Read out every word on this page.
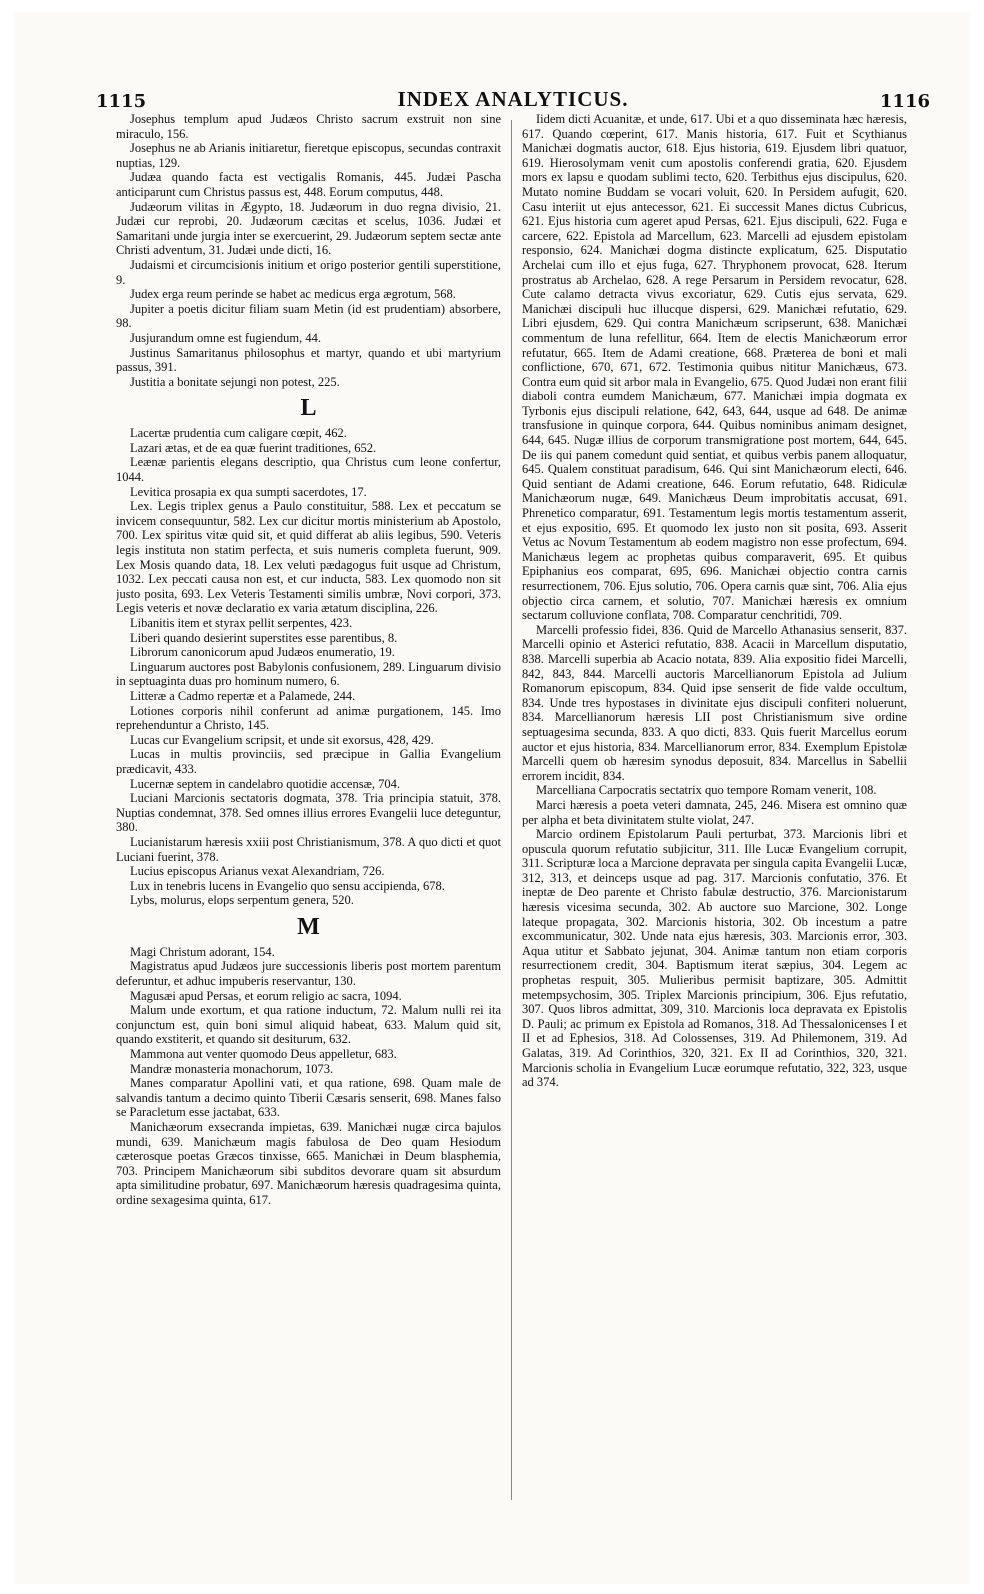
1115	INDEX ANALYTICUS.	1116

Josephus templum apud Judæos Christo sacrum exstruit non sine miraculo, 156.

Josephus ne ab Arianis initiaretur, fieretque episcopus, secundas contraxit nuptias, 129.

Judæa quando facta est vectigalis Romanis, 445. Judæi Pascha anticiparunt cum Christus passus est, 448. Eorum computus, 448.

Judæorum vilitas in Ægypto, 18. Judæorum in duo regna divisio, 21. Judæi cur reprobi, 20. Judæorum cæcitas et scelus, 1036. Judæi et Samaritani unde jurgia inter se exercuerint, 29. Judæorum septem sectæ ante Christi adventum, 31. Judæi unde dicti, 16.

Judaismi et circumcisionis initium et origo posterior gentili superstitione, 9.

Judex erga reum perinde se habet ac medicus erga ægrotum, 568.

Jupiter a poetis dicitur filiam suam Metin (id est prudentiam) absorbere, 98.

Jusjurandum omne est fugiendum, 44.

Justinus Samaritanus philosophus et martyr, quando et ubi martyrium passus, 391.

Justitia a bonitate sejungi non potest, 225.

L

Lacertæ prudentia cum caligare cœpit, 462.

Lazari ætas, et de ea quæ fuerint traditiones, 652.

Leænæ parientis elegans descriptio, qua Christus cum leone confertur, 1044.

Levitica prosapia ex qua sumpti sacerdotes, 17.

Lex. Legis triplex genus a Paulo constituitur, 588. Lex et peccatum se invicem consequuntur, 582. Lex cur dicitur mortis ministerium ab Apostolo, 700. Lex spiritus vitæ quid sit, et quid differat ab aliis legibus, 590. Veteris legis instituta non statim perfecta, et suis numeris completa fuerunt, 909. Lex Mosis quando data, 18. Lex veluti pædagogus fuit usque ad Christum, 1032. Lex peccati causa non est, et cur inducta, 583. Lex quomodo non sit justo posita, 693. Lex Veteris Testamenti similis umbræ, Novi corpori, 373. Legis veteris et novæ declaratio ex varia ætatum disciplina, 226.

Libanitis item et styrax pellit serpentes, 423.

Liberi quando desierint superstites esse parentibus, 8.

Librorum canonicorum apud Judæos enumeratio, 19.

Linguarum auctores post Babylonis confusionem, 289. Linguarum divisio in septuaginta duas pro hominum numero, 6.

Litteræ a Cadmo repertæ et a Palamede, 244.

Lotiones corporis nihil conferunt ad animæ purgationem, 145. Imo reprehenduntur a Christo, 145.

Lucas cur Evangelium scripsit, et unde sit exorsus, 428, 429.

Lucas in multis provinciis, sed præcipue in Gallia Evangelium prædicavit, 433.

Lucernæ septem in candelabro quotidie accensæ, 704.

Luciani Marcionis sectatoris dogmata, 378. Tria principia statuit, 378. Nuptias condemnat, 378. Sed omnes illius errores Evangelii luce deteguntur, 380.

Lucianistarum hæresis xxiii post Christianismum, 378. A quo dicti et quot Luciani fuerint, 378.

Lucius episcopus Arianus vexat Alexandriam, 726.

Lux in tenebris lucens in Evangelio quo sensu accipienda, 678.

Lybs, molurus, elops serpentum genera, 520.

M

Magi Christum adorant, 154.

Magistratus apud Judæos jure successionis liberis post mortem parentum deferuntur, et adhuc impuberis reservantur, 130.

Magusæi apud Persas, et eorum religio ac sacra, 1094.

Malum unde exortum, et qua ratione inductum, 72. Malum nulli rei ita conjunctum est, quin boni simul aliquid habeat, 633. Malum quid sit, quando exstiterit, et quando sit desiturum, 632.

Mammona aut venter quomodo Deus appelletur, 683.

Mandræ monasteria monachorum, 1073.

Manes comparatur Apollini vati, et qua ratione, 698. Quam male de salvandis tantum a decimo quinto Tiberii Cæsaris senserit, 698. Manes falso se Paracletum esse jactabat, 633.

Manichæorum exsecranda impietas, 639. Manichæi nugæ circa bajulos mundi, 639. Manichæum magis fabulosa de Deo quam Hesiodum cæterosque poetas Græcos tinxisse, 665. Manichæi in Deum blasphemia, 703. Principem Manichæorum sibi subditos devorare quam sit absurdum apta similitudine probatur, 697. Manichæorum hæresis quadragesima quinta, ordine sexagesima quinta, 617.

Iidem dicti Acuanitæ, et unde, 617. Ubi et a quo disseminata hæc hæresis, 617. Quando cœperint, 617. Manis historia, 617. Fuit et Scythianus Manichæi dogmatis auctor, 618. Ejus historia, 619. Ejusdem libri quatuor, 619. Hierosolymam venit cum apostolis conferendi gratia, 620. Ejusdem mors ex lapsu e quodam sublimi tecto, 620. Terbithus ejus discipulus, 620. Mutato nomine Buddam se vocari voluit, 620. In Persidem aufugit, 620. Casu interiit ut ejus antecessor, 621. Ei successit Manes dictus Cubricus, 621. Ejus historia cum ageret apud Persas, 621. Ejus discipuli, 622. Fuga e carcere, 622. Epistola ad Marcellum, 623. Marcelli ad ejusdem epistolam responsio, 624. Manichæi dogma distincte explicatum, 625. Disputatio Archelai cum illo et ejus fuga, 627. Thryphonem provocat, 628. Iterum prostratus ab Archelao, 628. A rege Persarum in Persidem revocatur, 628. Cute calamo detracta vivus excoriatur, 629. Cutis ejus servata, 629. Manichæi discipuli huc illucque dispersi, 629. Manichæi refutatio, 629. Libri ejusdem, 629. Qui contra Manichæum scripserunt, 638. Manichæi commentum de luna refellitur, 664. Item de electis Manichæorum error refutatur, 665. Item de Adami creatione, 668. Præterea de boni et mali conflictione, 670, 671, 672. Testimonia quibus nititur Manichæus, 673. Contra eum quid sit arbor mala in Evangelio, 675. Quod Judæi non erant filii diaboli contra eumdem Manichæum, 677. Manichæi impia dogmata ex Tyrbonis ejus discipuli relatione, 642, 643, 644, usque ad 648. De animæ transfusione in quinque corpora, 644. Quibus nominibus animam designet, 644, 645. Nugæ illius de corporum transmigratione post mortem, 644, 645. De iis qui panem comedunt quid sentiat, et quibus verbis panem alloquatur, 645. Qualem constituat paradisum, 646. Qui sint Manichæorum electi, 646. Quid sentiant de Adami creatione, 646. Eorum refutatio, 648. Ridiculæ Manichæorum nugæ, 649. Manichæus Deum improbitatis accusat, 691. Phrenetico comparatur, 691. Testamentum legis mortis testamentum asserit, et ejus expositio, 695. Et quomodo lex justo non sit posita, 693. Asserit Vetus ac Novum Testamentum ab eodem magistro non esse profectum, 694. Manichæus legem ac prophetas quibus comparaverit, 695. Et quibus Epiphanius eos comparat, 695, 696. Manichæi objectio contra carnis resurrectionem, 706. Ejus solutio, 706. Opera carnis quæ sint, 706. Alia ejus objectio circa carnem, et solutio, 707. Manichæi hæresis ex omnium sectarum colluvione conflata, 708. Comparatur cenchritidi, 709.

Marcelli professio fidei, 836. Quid de Marcello Athanasius senserit, 837. Marcelli opinio et Asterici refutatio, 838. Acacii in Marcellum disputatio, 838. Marcelli superbia ab Acacio notata, 839. Alia expositio fidei Marcelli, 842, 843, 844. Marcelli auctoris Marcellianorum Epistola ad Julium Romanorum episcopum, 834. Quid ipse senserit de fide valde occultum, 834. Unde tres hypostases in divinitate ejus discipuli confiteri noluerunt, 834. Marcellianorum hæresis LII post Christianismum sive ordine septuagesima secunda, 833. A quo dicti, 833. Quis fuerit Marcellus eorum auctor et ejus historia, 834. Marcellianorum error, 834. Exemplum Epistolæ Marcelli quem ob hæresim synodus deposuit, 834. Marcellus in Sabellii errorem incidit, 834.

Marcelliana Carpocratis sectatrix quo tempore Romam venerit, 108.

Marci hæresis a poeta veteri damnata, 245, 246. Misera est omnino quæ per alpha et beta divinitatem stulte violat, 247.

Marcio ordinem Epistolarum Pauli perturbat, 373. Marcionis libri et opuscula quorum refutatio subjicitur, 311. Ille Lucæ Evangelium corrupit, 311. Scripturæ loca a Marcione depravata per singula capita Evangelii Lucæ, 312, 313, et deinceps usque ad pag. 317. Marcionis confutatio, 376. Et ineptæ de Deo parente et Christo fabulæ destructio, 376. Marcionistarum hæresis vicesima secunda, 302. Ab auctore suo Marcione, 302. Longe lateque propagata, 302. Marcionis historia, 302. Ob incestum a patre excommunicatur, 302. Unde nata ejus hæresis, 303. Marcionis error, 303. Aqua utitur et Sabbato jejunat, 304. Animæ tantum non etiam corporis resurrectionem credit, 304. Baptismum iterat sæpius, 304. Legem ac prophetas respuit, 305. Mulieribus permisit baptizare, 305. Admittit metempsychosim, 305. Triplex Marcionis principium, 306. Ejus refutatio, 307. Quos libros admittat, 309, 310. Marcionis loca depravata ex Epistolis D. Pauli; ac primum ex Epistola ad Romanos, 318. Ad Thessalonicenses I et II et ad Ephesios, 318. Ad Colossenses, 319. Ad Philemonem, 319. Ad Galatas, 319. Ad Corinthios, 320, 321. Ex II ad Corinthios, 320, 321. Marcionis scholia in Evangelium Lucæ eorumque refutatio, 322, 323, usque ad 374.
